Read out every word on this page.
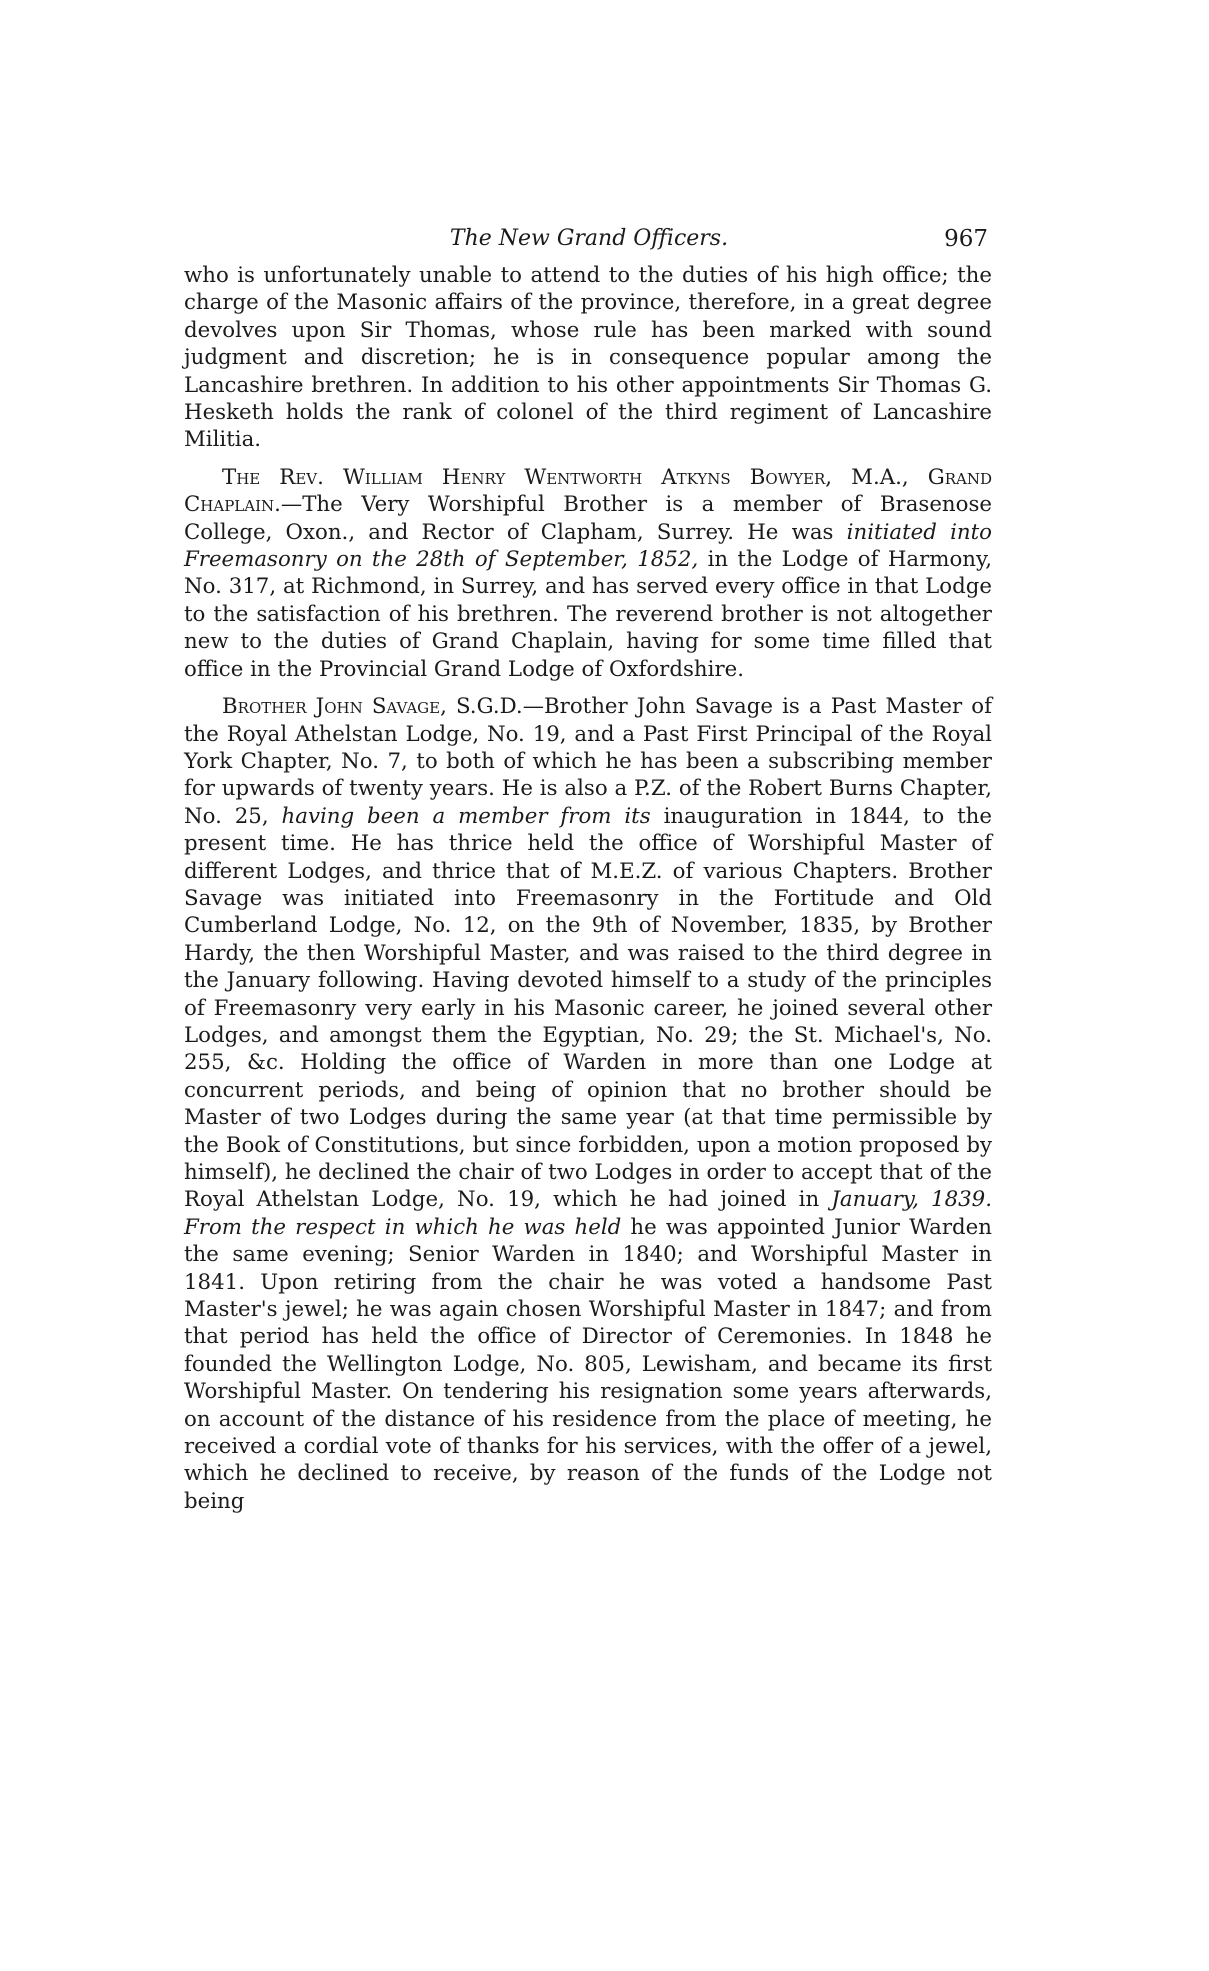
The New Grand Officers.	967

who is unfortunately unable to attend to the duties of his high office; the charge of the Masonic affairs of the province, therefore, in a great degree devolves upon Sir Thomas, whose rule has been marked with sound judgment and discretion; he is in consequence popular among the Lancashire brethren. In addition to his other appointments Sir Thomas G. Hesketh holds the rank of colonel of the third regiment of Lancashire Militia.

The Rev. William Henry Wentworth Atkyns Bowyer, M.A., Grand Chaplain.—The Very Worshipful Brother is a member of Brasenose College, Oxon., and Rector of Clapham, Surrey. He was initiated into Freemasonry on the 28th of September, 1852, in the Lodge of Harmony, No. 317, at Richmond, in Surrey, and has served every office in that Lodge to the satisfaction of his brethren. The reverend brother is not altogether new to the duties of Grand Chaplain, having for some time filled that office in the Provincial Grand Lodge of Oxfordshire.

Brother John Savage, S.G.D.—Brother John Savage is a Past Master of the Royal Athelstan Lodge, No. 19, and a Past First Principal of the Royal York Chapter, No. 7, to both of which he has been a subscribing member for upwards of twenty years. He is also a P.Z. of the Robert Burns Chapter, No. 25, having been a member from its inauguration in 1844, to the present time. He has thrice held the office of Worshipful Master of different Lodges, and thrice that of M.E.Z. of various Chapters. Brother Savage was initiated into Freemasonry in the Fortitude and Old Cumberland Lodge, No. 12, on the 9th of November, 1835, by Brother Hardy, the then Worshipful Master, and was raised to the third degree in the January following. Having devoted himself to a study of the principles of Freemasonry very early in his Masonic career, he joined several other Lodges, and amongst them the Egyptian, No. 29; the St. Michael's, No. 255, &c. Holding the office of Warden in more than one Lodge at concurrent periods, and being of opinion that no brother should be Master of two Lodges during the same year (at that time permissible by the Book of Constitutions, but since forbidden, upon a motion proposed by himself), he declined the chair of two Lodges in order to accept that of the Royal Athelstan Lodge, No. 19, which he had joined in January, 1839. From the respect in which he was held he was appointed Junior Warden the same evening; Senior Warden in 1840; and Worshipful Master in 1841. Upon retiring from the chair he was voted a handsome Past Master's jewel; he was again chosen Worshipful Master in 1847; and from that period has held the office of Director of Ceremonies. In 1848 he founded the Wellington Lodge, No. 805, Lewisham, and became its first Worshipful Master. On tendering his resignation some years afterwards, on account of the distance of his residence from the place of meeting, he received a cordial vote of thanks for his services, with the offer of a jewel, which he declined to receive, by reason of the funds of the Lodge not being
